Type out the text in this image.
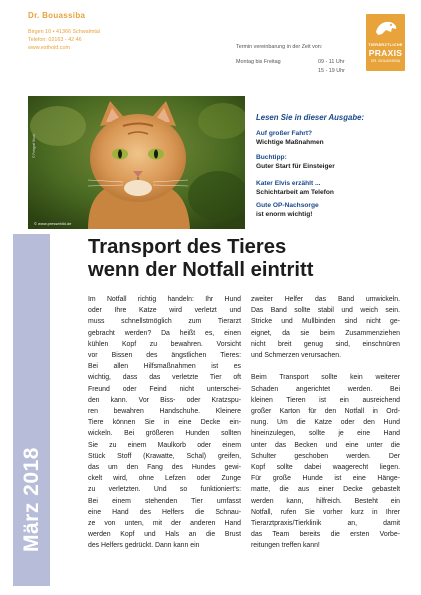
Dr. Bouassiba
Birgen 10 • 41366 Schwalmtal
Telefon: 02163 - 42 46
www.esthold.com	Termin vereinbarung in der Zeit von:
Montag bis Freitag	09 - 11 Uhr
15 - 19 Uhr
TIERÄRZTLICHE
PRAXIS
DR. BOUASSIBA
© www.pressebild.de
© Fotograf Stock
Lesen Sie in dieser Ausgabe:
Auf großer Fahrt?
Wichtige Maßnahmen
Buchtipp:
Guter Start für Einsteiger
Kater Elvis erzählt ...
Schichtarbeit am Telefon
Gute OP-Nachsorge
ist enorm wichtig!
März 2018
Transport des Tieres
wenn der Notfall eintritt
Im Notfall richtig handeln: Ihr Hund
oder Ihre Katze wird verletzt und
muss schnellstmöglich zum Tierarzt
gebracht werden? Da heißt es, einen
kühlen Kopf zu bewahren. Vorsicht
vor Bissen des ängstlichen Tieres:
Bei allen Hilfsmaßnahmen ist es
wichtig, dass das verletzte Tier oft
Freund oder Feind nicht unterschei-
den kann. Vor Biss- oder Kratzspu-
ren bewahren Handschuhe. Kleinere
Tiere können Sie in eine Decke ein-
wickeln. Bei größeren Hunden sollten
Sie zu einem Maulkorb oder einem
Stück Stoff (Krawatte, Schal) greifen,
das um den Fang des Hundes gewi-
ckelt wird, ohne Lefzen oder Zunge
zu verletzten. Und so funktioniert's:
Bei einem stehenden Tier umfasst
eine Hand des Helfers die Schnau-
ze von unten, mit der anderen Hand
werden Kopf und Hals an die Brust
des Helfers gedrückt. Dann kann ein
zweiter Helfer das Band umwickeln.
Das Band sollte stabil und weich sein.
Stricke und Mullbinden sind nicht ge-
eignet, da sie beim Zusammenziehen
nicht breit genug sind, einschnüren
und Schmerzen verursachen.

Beim Transport sollte kein weiterer
Schaden angerichtet werden. Bei
kleinen Tieren ist ein ausreichend
großer Karton für den Notfall in Ord-
nung. Um die Katze oder den Hund
hineinzulegen, sollte je eine Hand
unter das Becken und eine unter die
Schulter geschoben werden. Der
Kopf sollte dabei waagerecht liegen.
Für große Hunde ist eine Hänge-
matte, die aus einer Decke gebastelt
werden kann, hilfreich. Besteht ein
Notfall, rufen Sie vorher kurz in Ihrer
Tierarztpraxis/Tierklinik an, damit
das Team bereits die ersten Vorbe-
reitungen treffen kann!
